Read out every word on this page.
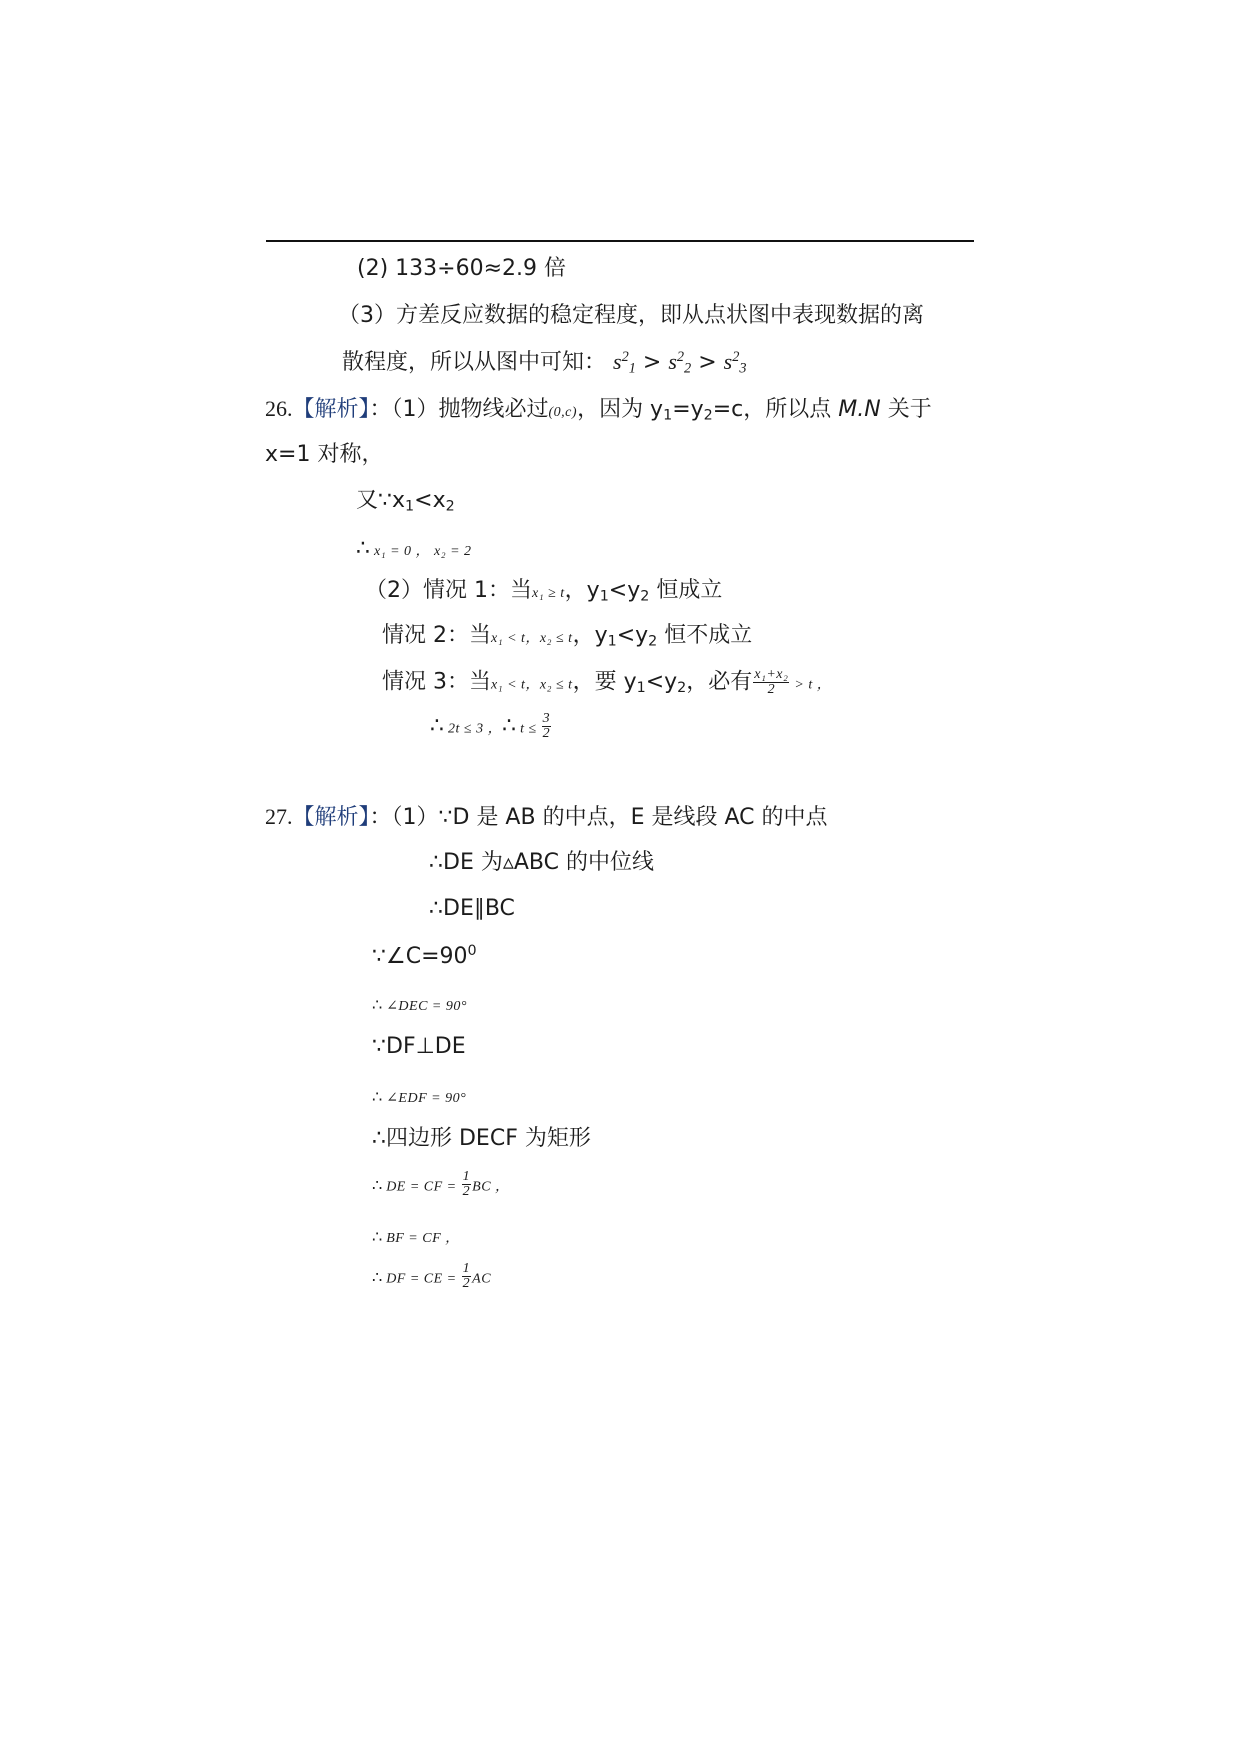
(2) 133÷60≈2.9 倍
（3）方差反应数据的稳定程度，即从点状图中表现数据的离
散程度，所以从图中可知： $s^2_1 > s^2_2 > s^2_3$
26.【解析】：（1）抛物线必过(0,c)，因为 $y_1=y_2=c$，所以点 M.N 关于
x=1 对称，
又$\because x_1<x_2$
∴ x₁ = 0 ， x₂ = 2
（2）情况 1：当x₁ ≥ t，$y_1<y_2$ 恒成立
情况 2：当x₁ < t，x₂ ≤ t，$y_1<y_2$ 恒不成立
情况 3：当x₁ < t，x₂ ≤ t，要 $y_1<y_2$，必有 $\frac{\text{x₁+x₂}}{2} > t$ ，
∴ 2t ≤ 3 ，∴ $t \le \frac{3}{2}$
27.【解析】：（1）∵D 是 AB 的中点，E 是线段 AC 的中点
∴DE 为▵ABC 的中位线
∴DE∥BC
$\because\angle C=90^0$
∴ ∠DEC = 90°
∵DF⊥DE
∴ ∠EDF = 90°
∴四边形 DECF 为矩形
∴ DE = CF = $\frac{1}{2}$ BC ，
∴ BF = CF ，
∴ DF = CE = $\frac{1}{2}$ AC
